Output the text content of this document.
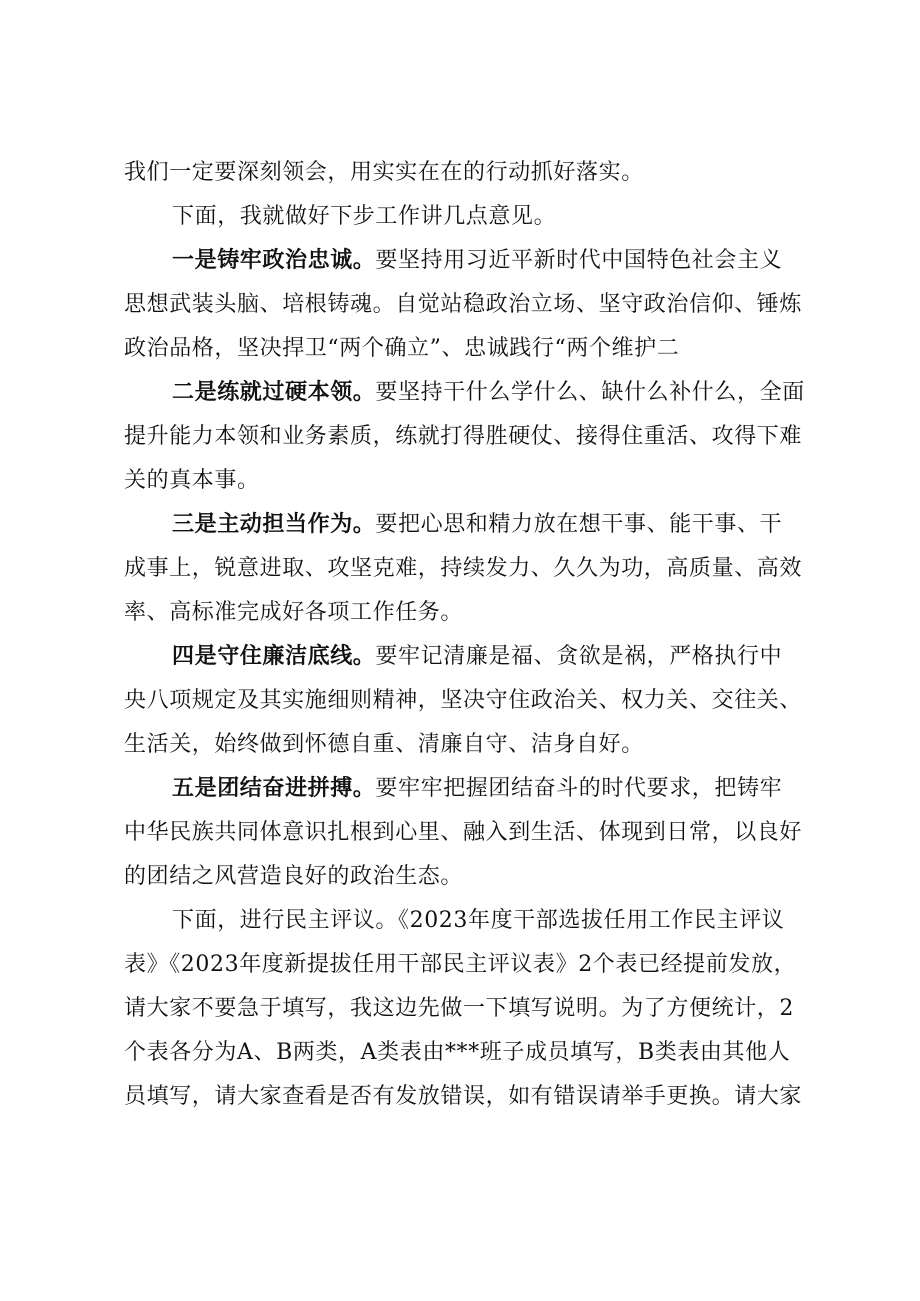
我们一定要深刻领会，用实实在在的行动抓好落实。
下面，我就做好下步工作讲几点意见。
一是铸牢政治忠诚。要坚持用习近平新时代中国特色社会主义
思想武装头脑、培根铸魂。自觉站稳政治立场、坚守政治信仰、锤炼
政治品格，坚决捍卫“两个确立”、忠诚践行“两个维护二
二是练就过硬本领。要坚持干什么学什么、缺什么补什么，全面
提升能力本领和业务素质，练就打得胜硬仗、接得住重活、攻得下难
关的真本事。
三是主动担当作为。要把心思和精力放在想干事、能干事、干
成事上，锐意进取、攻坚克难，持续发力、久久为功，高质量、高效
率、高标准完成好各项工作任务。
四是守住廉洁底线。要牢记清廉是福、贪欲是祸，严格执行中
央八项规定及其实施细则精神，坚决守住政治关、权力关、交往关、
生活关，始终做到怀德自重、清廉自守、洁身自好。
五是团结奋进拼搏。要牢牢把握团结奋斗的时代要求，把铸牢
中华民族共同体意识扎根到心里、融入到生活、体现到日常，以良好
的团结之风营造良好的政治生态。
下面，进行民主评议。《2023年度干部选拔任用工作民主评议
表》《2023年度新提拔任用干部民主评议表》2个表已经提前发放，
请大家不要急于填写，我这边先做一下填写说明。为了方便统计，2
个表各分为A、B两类，A类表由***班子成员填写，B类表由其他人
员填写，请大家查看是否有发放错误，如有错误请举手更换。请大家
